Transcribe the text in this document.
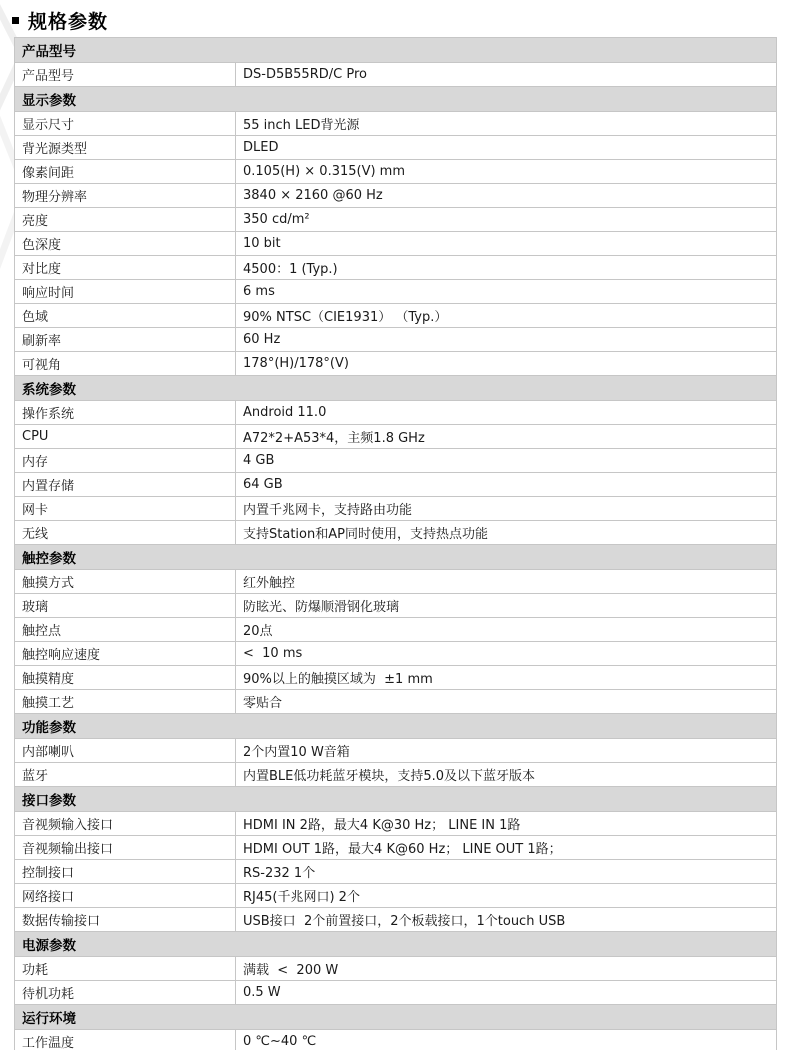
规格参数
产品型号	
产品型号	DS-D5B55RD/C Pro
显示参数	
显示尺寸	55 inch LED背光源
背光源类型	DLED
像素间距	0.105(H) × 0.315(V) mm
物理分辨率	3840 × 2160 @60 Hz
亮度	350 cd/m²
色深度	10 bit
对比度	4500：1 (Typ.)
响应时间	6 ms
色域	90% NTSC（CIE1931） （Typ.）
刷新率	60 Hz
可视角	178°(H)/178°(V)
系统参数	
操作系统	Android 11.0
CPU	A72*2+A53*4，主频1.8 GHz
内存	4 GB
内置存储	64 GB
网卡	内置千兆网卡，支持路由功能
无线	支持Station和AP同时使用，支持热点功能
触控参数	
触摸方式	红外触控
玻璃	防眩光、防爆顺滑钢化玻璃
触控点	20点
触控响应速度	<  10 ms
触摸精度	90%以上的触摸区域为  ±1 mm
触摸工艺	零贴合
功能参数	
内部喇叭	2个内置10 W音箱
蓝牙	内置BLE低功耗蓝牙模块，支持5.0及以下蓝牙版本
接口参数	
音视频输入接口	HDMI IN 2路，最大4 K@30 Hz； LINE IN 1路
音视频输出接口	HDMI OUT 1路，最大4 K@60 Hz； LINE OUT 1路；
控制接口	RS-232 1个
网络接口	RJ45(千兆网口) 2个
数据传输接口	USB接口  2个前置接口，2个板载接口，1个touch USB
电源参数	
功耗	满载  <  200 W
待机功耗	0.5 W
运行环境	
工作温度	0 ℃~40 ℃
